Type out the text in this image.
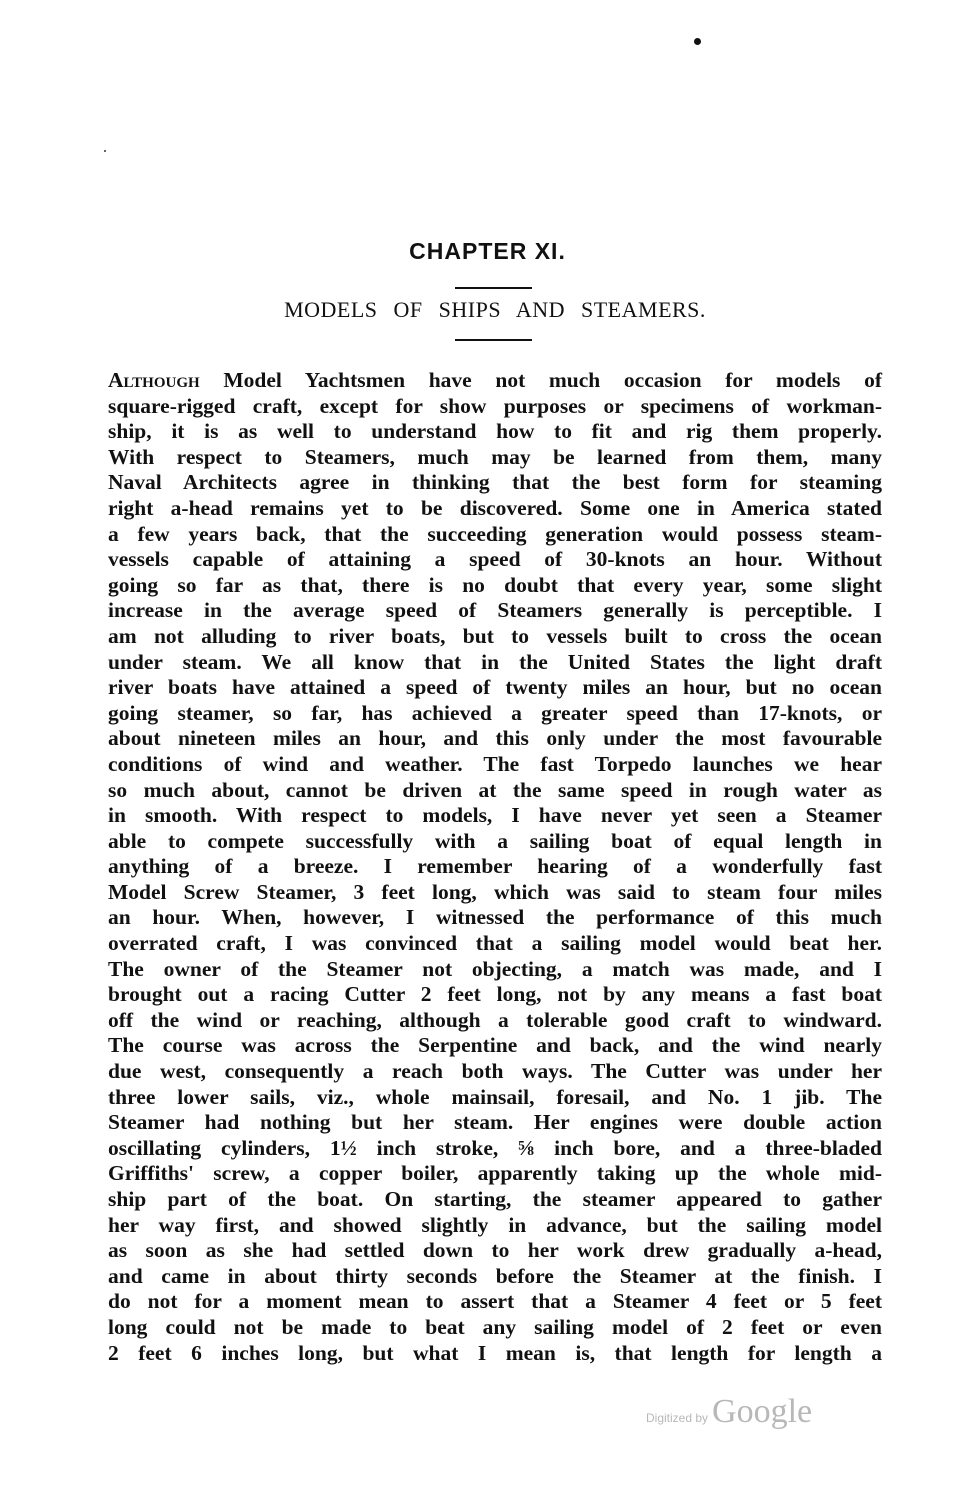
CHAPTER XI.
MODELS OF SHIPS AND STEAMERS.
Although Model Yachtsmen have not much occasion for models of
square-rigged craft, except for show purposes or specimens of workman-
ship, it is as well to understand how to fit and rig them properly.
With respect to Steamers, much may be learned from them, many
Naval Architects agree in thinking that the best form for steaming
right a-head remains yet to be discovered. Some one in America stated
a few years back, that the succeeding generation would possess steam-
vessels capable of attaining a speed of 30-knots an hour. Without
going so far as that, there is no doubt that every year, some slight
increase in the average speed of Steamers generally is perceptible. I
am not alluding to river boats, but to vessels built to cross the ocean
under steam. We all know that in the United States the light draft
river boats have attained a speed of twenty miles an hour, but no ocean
going steamer, so far, has achieved a greater speed than 17-knots, or
about nineteen miles an hour, and this only under the most favourable
conditions of wind and weather. The fast Torpedo launches we hear
so much about, cannot be driven at the same speed in rough water as
in smooth. With respect to models, I have never yet seen a Steamer
able to compete successfully with a sailing boat of equal length in
anything of a breeze. I remember hearing of a wonderfully fast
Model Screw Steamer, 3 feet long, which was said to steam four miles
an hour. When, however, I witnessed the performance of this much
overrated craft, I was convinced that a sailing model would beat her.
The owner of the Steamer not objecting, a match was made, and I
brought out a racing Cutter 2 feet long, not by any means a fast boat
off the wind or reaching, although a tolerable good craft to windward.
The course was across the Serpentine and back, and the wind nearly
due west, consequently a reach both ways. The Cutter was under her
three lower sails, viz., whole mainsail, foresail, and No. 1 jib. The
Steamer had nothing but her steam. Her engines were double action
oscillating cylinders, 1½ inch stroke, ⅝ inch bore, and a three-bladed
Griffiths' screw, a copper boiler, apparently taking up the whole mid-
ship part of the boat. On starting, the steamer appeared to gather
her way first, and showed slightly in advance, but the sailing model
as soon as she had settled down to her work drew gradually a-head,
and came in about thirty seconds before the Steamer at the finish. I
do not for a moment mean to assert that a Steamer 4 feet or 5 feet
long could not be made to beat any sailing model of 2 feet or even
2 feet 6 inches long, but what I mean is, that length for length a
Digitized by Google
